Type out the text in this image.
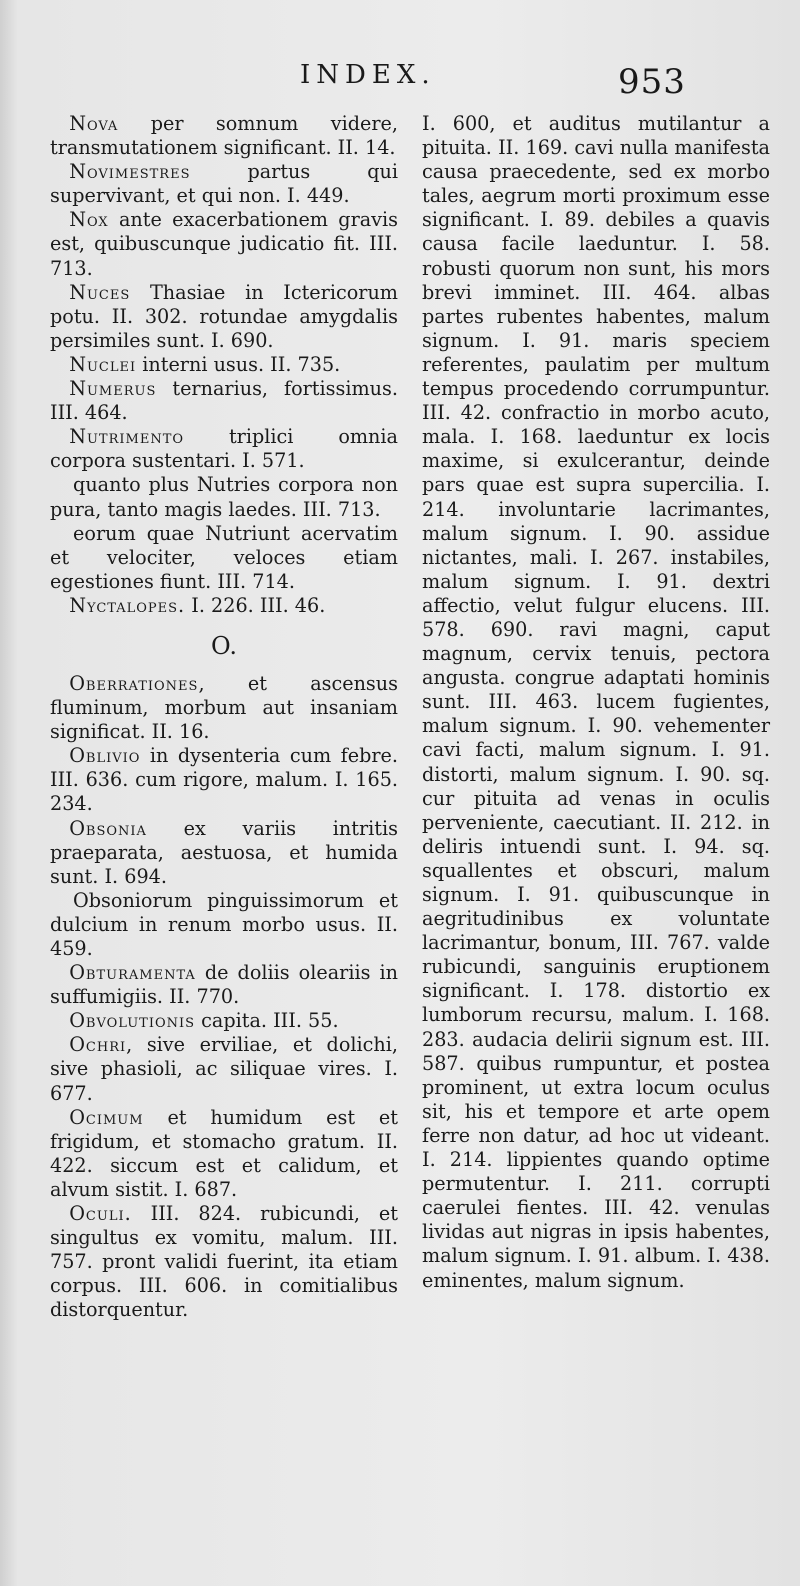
INDEX.	953

Nova per somnum videre, transmutationem significant. II. 14.

Novimestres partus qui supervivant, et qui non. I. 449.

Nox ante exacerbationem gravis est, quibuscunque judicatio fit. III. 713.

Nuces Thasiae in Ictericorum potu. II. 302. rotundae amygdalis persimiles sunt. I. 690.

Nuclei interni usus. II. 735.

Numerus ternarius, fortissimus. III. 464.

Nutrimento triplici omnia corpora sustentari. I. 571.

quanto plus Nutries corpora non pura, tanto magis laedes. III. 713.

eorum quae Nutriunt acervatim et velociter, veloces etiam egestiones fiunt. III. 714.

Nyctalopes. I. 226. III. 46.

O.

Oberrationes, et ascensus fluminum, morbum aut insaniam significat. II. 16.

Oblivio in dysenteria cum febre. III. 636. cum rigore, malum. I. 165. 234.

Obsonia ex variis intritis praeparata, aestuosa, et humida sunt. I. 694.

Obsoniorum pinguissimorum et dulcium in renum morbo usus. II. 459.

Obturamenta de doliis oleariis in suffumigiis. II. 770.

Obvolutionis capita. III. 55.

Ochri, sive erviliae, et dolichi, sive phasioli, ac siliquae vires. I. 677.

Ocimum et humidum est et frigidum, et stomacho gratum. II. 422. siccum est et calidum, et alvum sistit. I. 687.

Oculi. III. 824. rubicundi, et singultus ex vomitu, malum. III. 757. pront validi fuerint, ita etiam corpus. III. 606. in comitialibus distorquentur.

I. 600, et auditus mutilantur a pituita. II. 169. cavi nulla manifesta causa praecedente, sed ex morbo tales, aegrum morti proximum esse significant. I. 89. debiles a quavis causa facile laeduntur. I. 58. robusti quorum non sunt, his mors brevi imminet. III. 464. albas partes rubentes habentes, malum signum. I. 91. maris speciem referentes, paulatim per multum tempus procedendo corrumpuntur. III. 42. confractio in morbo acuto, mala. I. 168. laeduntur ex locis maxime, si exulcerantur, deinde pars quae est supra supercilia. I. 214. involuntarie lacrimantes, malum signum. I. 90. assidue nictantes, mali. I. 267. instabiles, malum signum. I. 91. dextri affectio, velut fulgur elucens. III. 578. 690. ravi magni, caput magnum, cervix tenuis, pectora angusta. congrue adaptati hominis sunt. III. 463. lucem fugientes, malum signum. I. 90. vehementer cavi facti, malum signum. I. 91. distorti, malum signum. I. 90. sq. cur pituita ad venas in oculis perveniente, caecutiant. II. 212. in deliris intuendi sunt. I. 94. sq. squallentes et obscuri, malum signum. I. 91. quibuscunque in aegritudinibus ex voluntate lacrimantur, bonum, III. 767. valde rubicundi, sanguinis eruptionem significant. I. 178. distortio ex lumborum recursu, malum. I. 168. 283. audacia delirii signum est. III. 587. quibus rumpuntur, et postea prominent, ut extra locum oculus sit, his et tempore et arte opem ferre non datur, ad hoc ut videant. I. 214. lippientes quando optime permutentur. I. 211. corrupti caerulei fientes. III. 42. venulas lividas aut nigras in ipsis habentes, malum signum. I. 91. album. I. 438. eminentes, malum signum.
